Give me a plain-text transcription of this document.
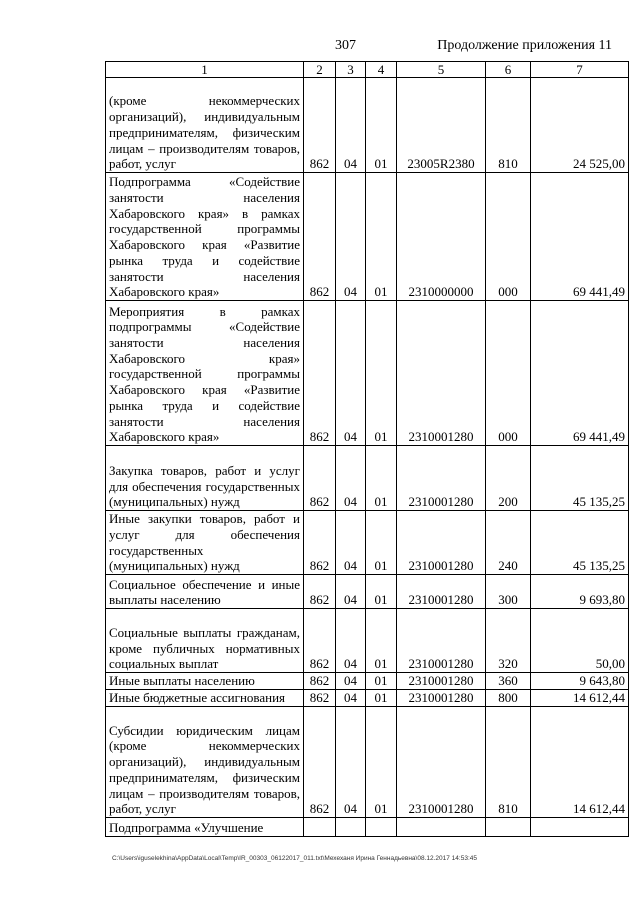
307	Продолжение приложения 11
1	2	3	4	5	6	7
(кроме некоммерческих организаций), индивидуальным предпринимателям, физическим лицам – производителям товаров, работ, услуг	862	04	01	23005R2380	810	24 525,00
Подпрограмма «Содействие занятости населения Хабаровского края» в рамках государственной программы Хабаровского края «Развитие рынка труда и содействие занятости населения Хабаровского края»	862	04	01	2310000000	000	69 441,49
Мероприятия в рамках подпрограммы «Содействие занятости населения Хабаровского края» государственной программы Хабаровского края «Развитие рынка труда и содействие занятости населения Хабаровского края»	862	04	01	2310001280	000	69 441,49
Закупка товаров, работ и услуг для обеспечения государственных (муниципальных) нужд	862	04	01	2310001280	200	45 135,25
Иные закупки товаров, работ и услуг для обеспечения государственных (муниципальных) нужд	862	04	01	2310001280	240	45 135,25
Социальное обеспечение и иные выплаты населению	862	04	01	2310001280	300	9 693,80
Социальные выплаты гражданам, кроме публичных нормативных социальных выплат	862	04	01	2310001280	320	50,00
Иные выплаты населению	862	04	01	2310001280	360	9 643,80
Иные бюджетные ассигнования	862	04	01	2310001280	800	14 612,44
Субсидии юридическим лицам (кроме некоммерческих организаций), индивидуальным предпринимателям, физическим лицам – производителям товаров, работ, услуг	862	04	01	2310001280	810	14 612,44
Подпрограмма «Улучшение						
C:\Users\iguselekhina\AppData\Local\Temp\IR_00303_06122017_011.txt\Мехеханя Ирина Геннадьевна\08.12.2017 14:53:45
